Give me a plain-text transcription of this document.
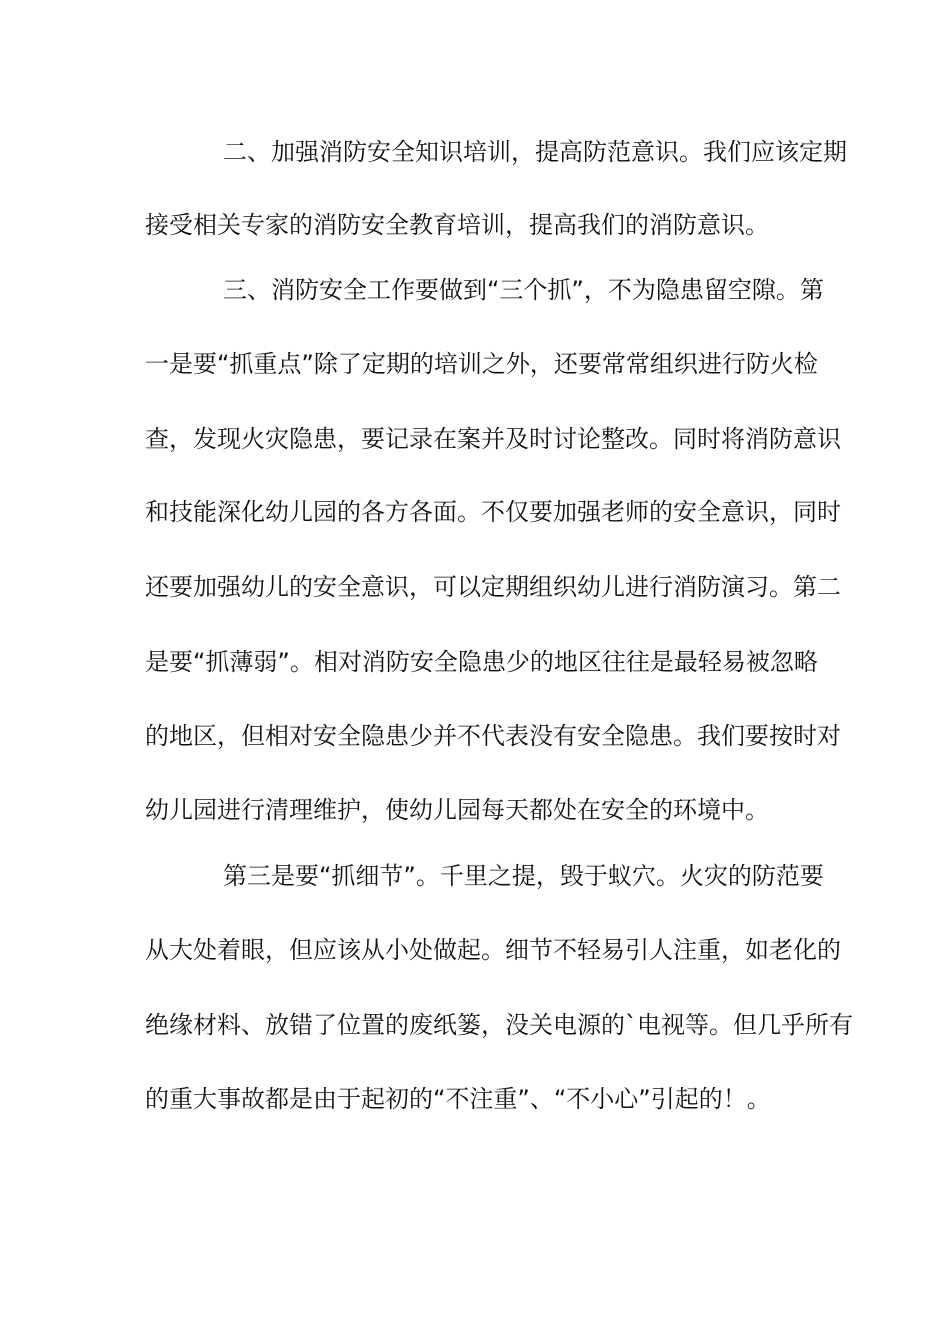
二、加强消防安全知识培训，提高防范意识。我们应该定期
接受相关专家的消防安全教育培训，提高我们的消防意识。
三、消防安全工作要做到“三个抓”，不为隐患留空隙。第
一是要“抓重点”除了定期的培训之外，还要常常组织进行防火检
查，发现火灾隐患，要记录在案并及时讨论整改。同时将消防意识
和技能深化幼儿园的各方各面。不仅要加强老师的安全意识，同时
还要加强幼儿的安全意识，可以定期组织幼儿进行消防演习。第二
是要“抓薄弱”。相对消防安全隐患少的地区往往是最轻易被忽略
的地区，但相对安全隐患少并不代表没有安全隐患。我们要按时对
幼儿园进行清理维护，使幼儿园每天都处在安全的环境中。
第三是要“抓细节”。千里之提，毁于蚁穴。火灾的防范要
从大处着眼，但应该从小处做起。细节不轻易引人注重，如老化的
绝缘材料、放错了位置的废纸篓，没关电源的`电视等。但几乎所有
的重大事故都是由于起初的“不注重”、“不小心”引起的！。
